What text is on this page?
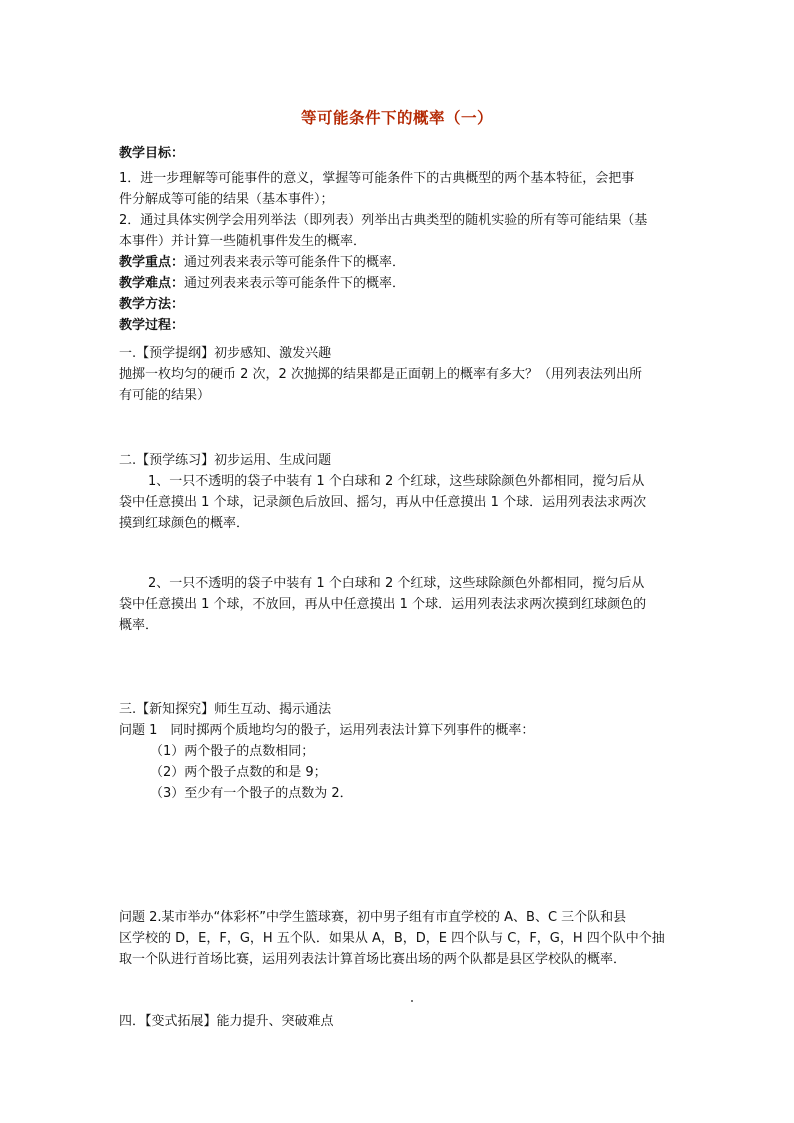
等可能条件下的概率（一）
教学目标：
1．进一步理解等可能事件的意义，掌握等可能条件下的古典概型的两个基本特征，会把事
件分解成等可能的结果（基本事件）；
2．通过具体实例学会用列举法（即列表）列举出古典类型的随机实验的所有等可能结果（基
本事件）并计算一些随机事件发生的概率．
教学重点：通过列表来表示等可能条件下的概率．
教学难点：通过列表来表示等可能条件下的概率．
教学方法：
教学过程：
一.【预学提纲】初步感知、激发兴趣
抛掷一枚均匀的硬币 2 次，2 次抛掷的结果都是正面朝上的概率有多大？（用列表法列出所
有可能的结果）
二.【预学练习】初步运用、生成问题
1、一只不透明的袋子中装有 1 个白球和 2 个红球，这些球除颜色外都相同，搅匀后从
袋中任意摸出 1 个球，记录颜色后放回、摇匀，再从中任意摸出 1 个球．运用列表法求两次
摸到红球颜色的概率．
2、一只不透明的袋子中装有 1 个白球和 2 个红球，这些球除颜色外都相同，搅匀后从
袋中任意摸出 1 个球，不放回，再从中任意摸出 1 个球．运用列表法求两次摸到红球颜色的
概率．
三.【新知探究】师生互动、揭示通法
问题 1　同时掷两个质地均匀的骰子，运用列表法计算下列事件的概率：
（1）两个骰子的点数相同；
（2）两个骰子点数的和是 9；
（3）至少有一个骰子的点数为 2．
问题 2.某市举办“体彩杯”中学生篮球赛，初中男子组有市直学校的 A、B、C 三个队和县
区学校的 D，E，F，G，H 五个队．如果从 A，B，D，E 四个队与 C，F，G，H 四个队中个抽
取一个队进行首场比赛，运用列表法计算首场比赛出场的两个队都是县区学校队的概率．
四．【变式拓展】能力提升、突破难点
